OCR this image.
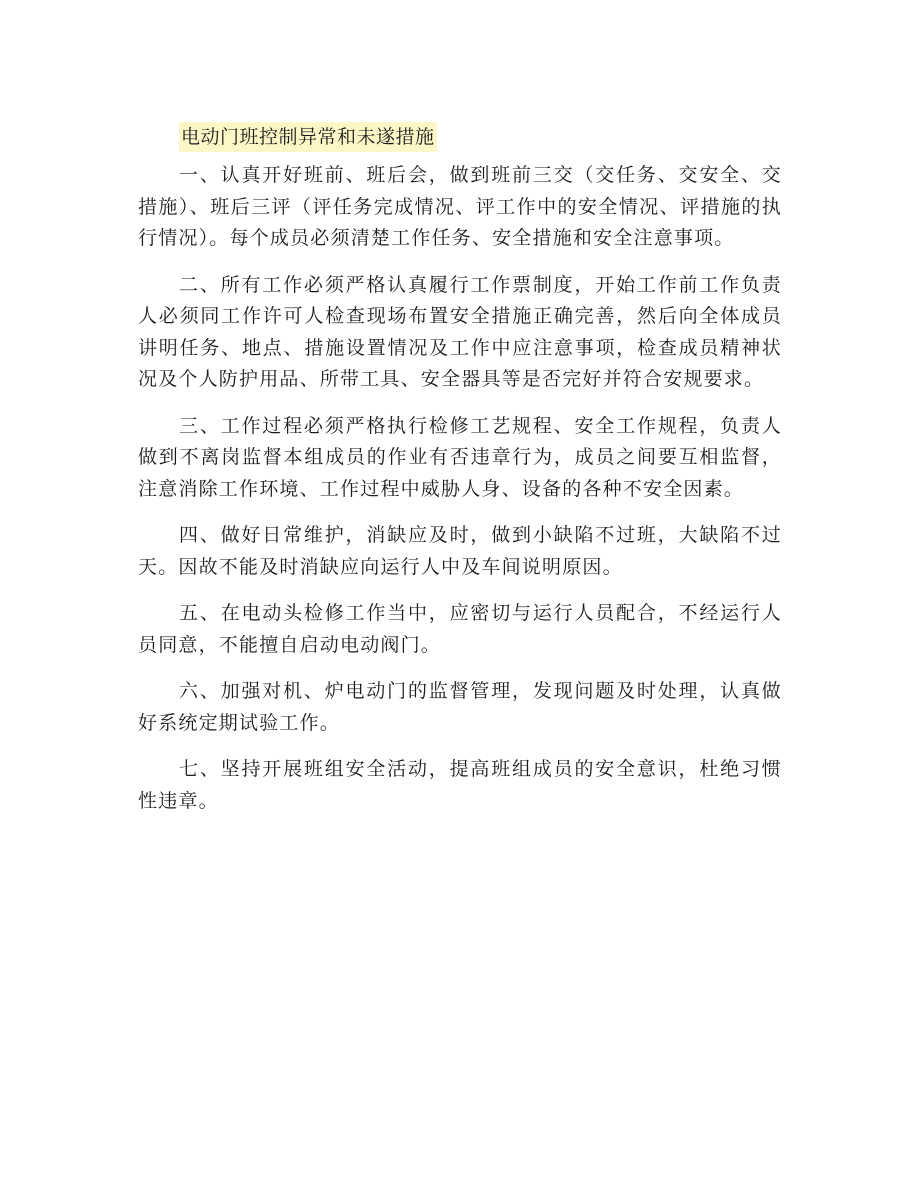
电动门班控制异常和未遂措施

一、认真开好班前、班后会，做到班前三交（交任务、交安全、交措施）、班后三评（评任务完成情况、评工作中的安全情况、评措施的执行情况）。每个成员必须清楚工作任务、安全措施和安全注意事项。

二、所有工作必须严格认真履行工作票制度，开始工作前工作负责人必须同工作许可人检查现场布置安全措施正确完善，然后向全体成员讲明任务、地点、措施设置情况及工作中应注意事项，检查成员精神状况及个人防护用品、所带工具、安全器具等是否完好并符合安规要求。

三、工作过程必须严格执行检修工艺规程、安全工作规程，负责人做到不离岗监督本组成员的作业有否违章行为，成员之间要互相监督，注意消除工作环境、工作过程中威胁人身、设备的各种不安全因素。

四、做好日常维护，消缺应及时，做到小缺陷不过班，大缺陷不过天。因故不能及时消缺应向运行人中及车间说明原因。

五、在电动头检修工作当中，应密切与运行人员配合，不经运行人员同意，不能擅自启动电动阀门。

六、加强对机、炉电动门的监督管理，发现问题及时处理，认真做好系统定期试验工作。

七、坚持开展班组安全活动，提高班组成员的安全意识，杜绝习惯性违章。
